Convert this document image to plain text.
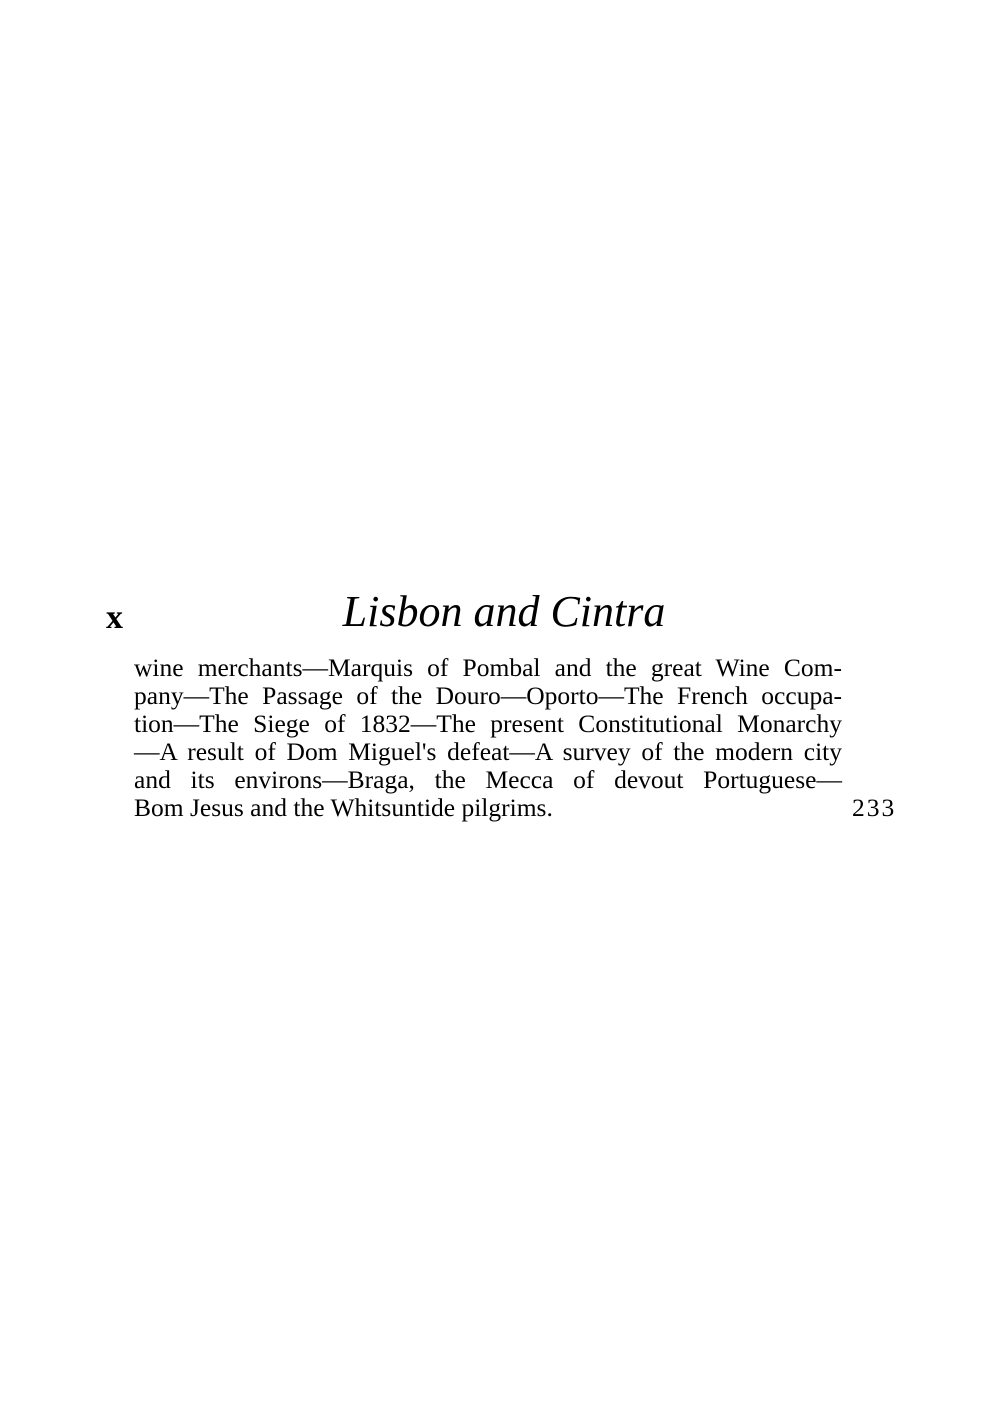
x	Lisbon and Cintra
wine merchants—Marquis of Pombal and the great Wine Com-
pany—The Passage of the Douro—Oporto—The French occupa-
tion—The Siege of 1832—The present Constitutional Monarchy
—A result of Dom Miguel's defeat—A survey of the modern city
and its environs—Braga, the Mecca of devout Portuguese—
Bom Jesus and the Whitsuntide pilgrims.	233
